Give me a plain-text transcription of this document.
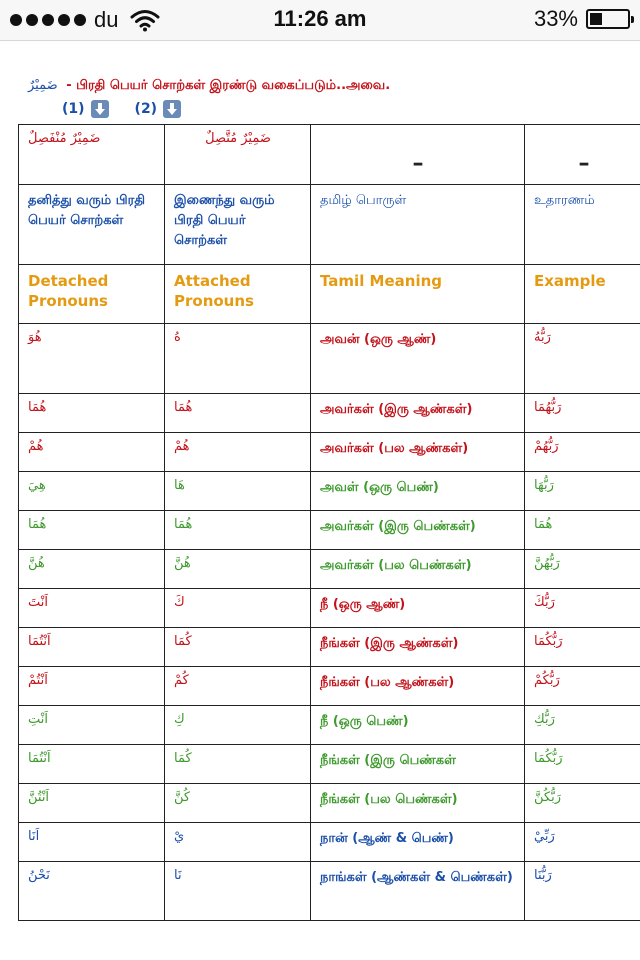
du	11:26 am	33%
ضَمِيْرٌ - பிரதி பெயர் சொற்கள் இரண்டு வகைப்படும்..அவை.
(1)	(2)
ضَمِيْرٌ مُنْفَصِلٌ	ضَمِيْرٌ مُتَّصِلٌ	–	–
தனித்து வரும் பிரதி பெயர் சொற்கள்	இணைந்து வரும் பிரதி பெயர் சொற்கள்	தமிழ் பொருள்	உதாரணம்
Detached Pronouns	Attached Pronouns	Tamil Meaning	Example
هُوَ	هُ	அவன் (ஒரு ஆண்)	رَبُّهُ
هُمَا	هُمَا	அவர்கள் (இரு ஆண்கள்)	رَبُّهُمَا
هُمْ	هُمْ	அவர்கள் (பல ஆண்கள்)	رَبُّهُمْ
هِيَ	هَا	அவள் (ஒரு பெண்)	رَبُّهَا
هُمَا	هُمَا	அவர்கள் (இரு பெண்கள்)	هُمَا
هُنَّ	هُنَّ	அவர்கள் (பல பெண்கள்)	رَبُّهُنَّ
اَنْتَ	كَ	நீ (ஒரு ஆண்)	رَبُّكَ
اَنْتُمَا	كُمَا	நீங்கள் (இரு ஆண்கள்)	رَبُّكُمَا
اَنْتُمْ	كُمْ	நீங்கள் (பல ஆண்கள்)	رَبُّكُمْ
اَنْتِ	كِ	நீ (ஒரு பெண்)	رَبُّكِ
اَنْتُمَا	كُمَا	நீங்கள் (இரு பெண்கள்	رَبُّكُمَا
اَنْتُنَّ	كُنَّ	நீங்கள் (பல பெண்கள்)	رَبُّكُنَّ
اَنَا	يْ	நான் (ஆண் & பெண்)	رَبِّيْ
نَحْنُ	نَا	நாங்கள் (ஆண்கள் & பெண்கள்)	رَبُّنَا
